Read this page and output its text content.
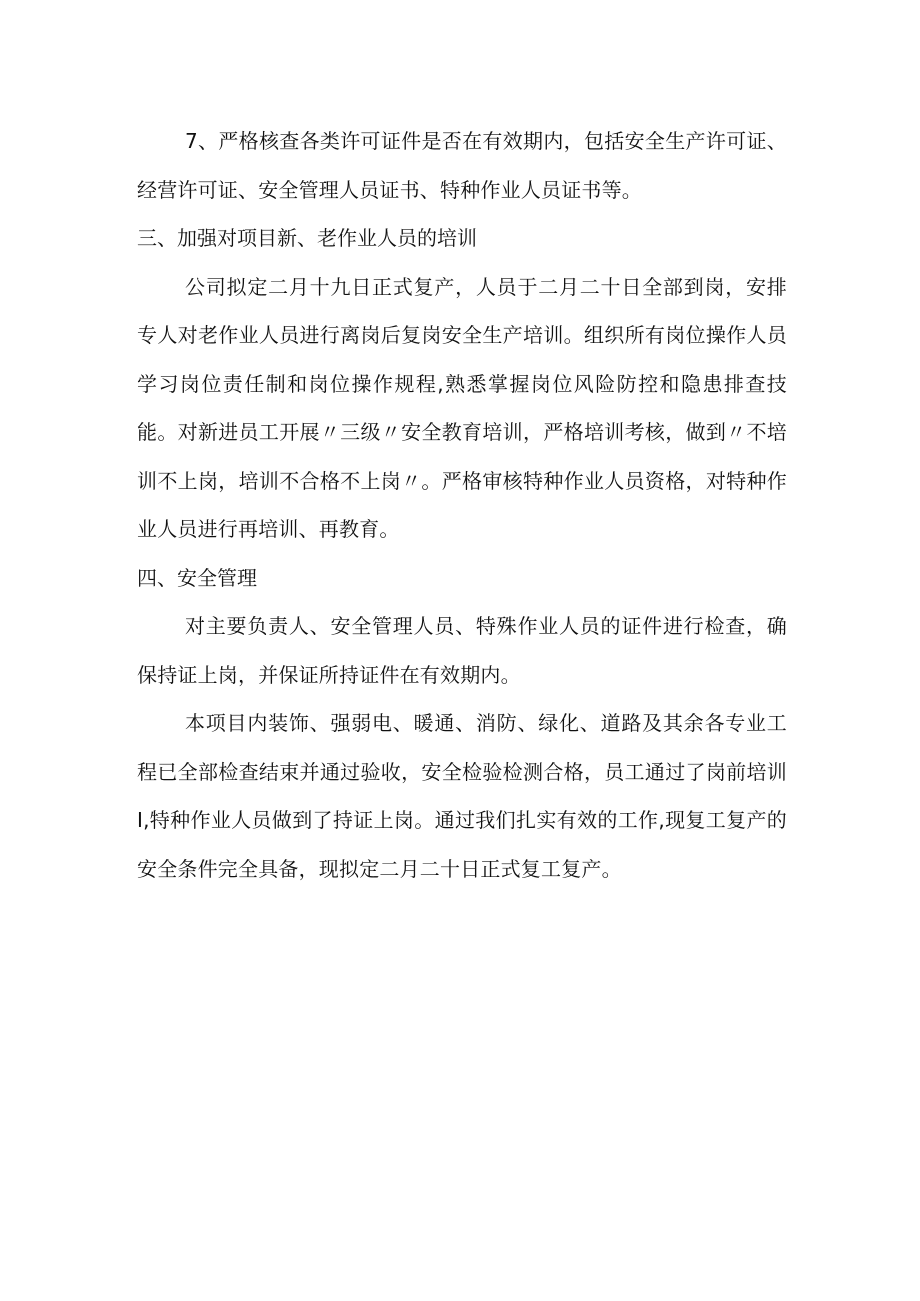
7、严格核查各类许可证件是否在有效期内，包括安全生产许可证、经营许可证、安全管理人员证书、特种作业人员证书等。

三、加强对项目新、老作业人员的培训

公司拟定二月十九日正式复产，人员于二月二十日全部到岗，安排专人对老作业人员进行离岗后复岗安全生产培训。组织所有岗位操作人员学习岗位责任制和岗位操作规程,熟悉掌握岗位风险防控和隐患排查技能。对新进员工开展〃三级〃安全教育培训，严格培训考核，做到〃不培训不上岗，培训不合格不上岗〃。严格审核特种作业人员资格，对特种作业人员进行再培训、再教育。

四、安全管理

对主要负责人、安全管理人员、特殊作业人员的证件进行检查，确保持证上岗，并保证所持证件在有效期内。

本项目内装饰、强弱电、暖通、消防、绿化、道路及其余各专业工程已全部检查结束并通过验收，安全检验检测合格，员工通过了岗前培训I,特种作业人员做到了持证上岗。通过我们扎实有效的工作,现复工复产的安全条件完全具备，现拟定二月二十日正式复工复产。
